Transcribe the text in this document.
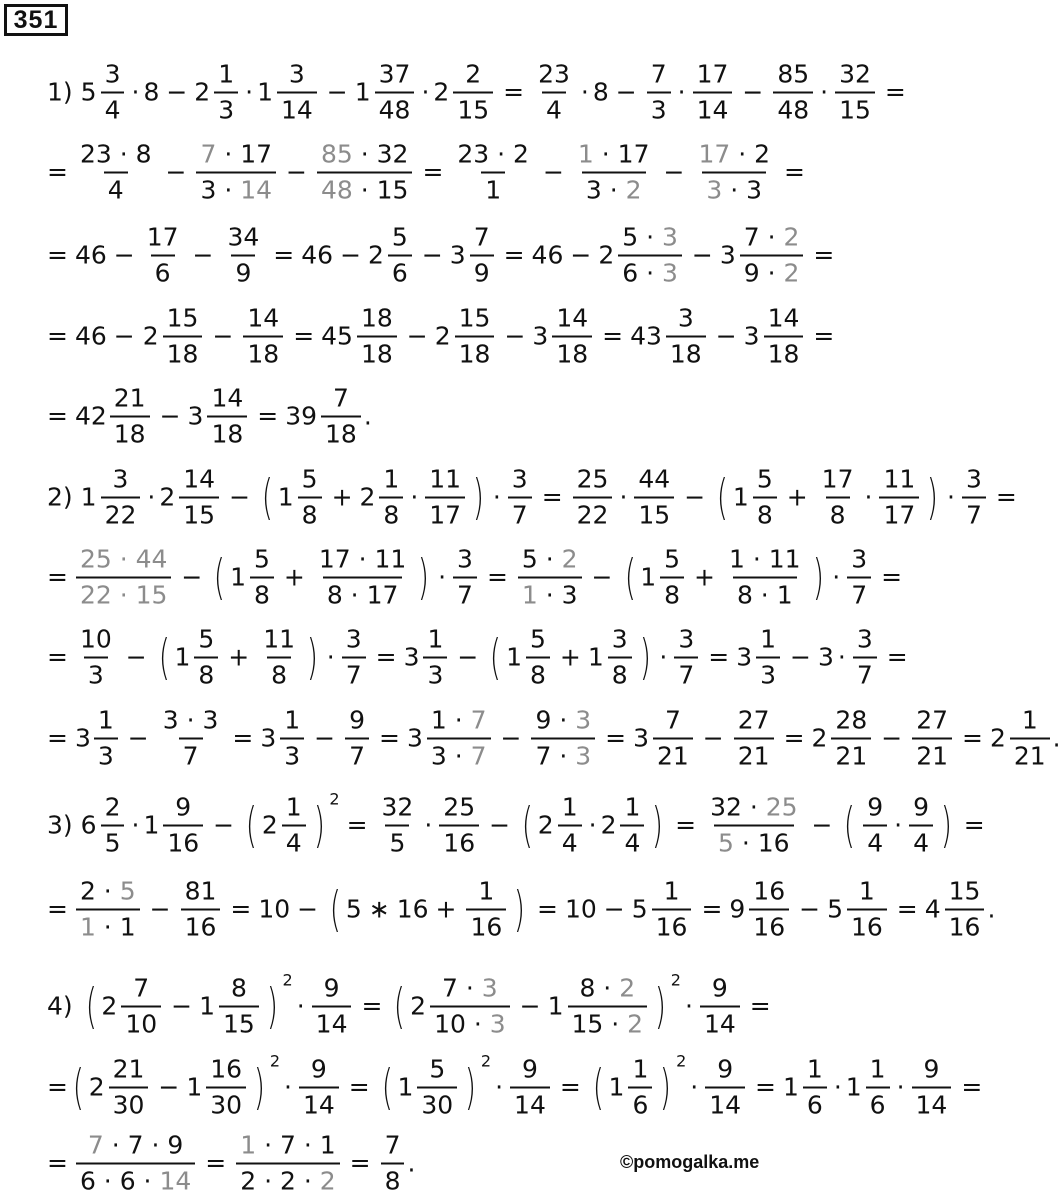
351
1) 5
3
4
· 8 − 2
1
3
· 1
3
14
− 1
37
48
· $2 \frac{2}{15} = \frac{23}{4} \cdot 8 - \frac{7}{3}$ ·
17
14
− $\frac{85}{48} \cdot \frac{32}{15}$ =
=
23 · 8
4
− $\frac{7 \cdot 17}{3 \cdot 14} - \frac{85 \cdot 32}{48 \cdot 15} = \frac{23 \cdot 2}{1} - \frac{1 \cdot 17}{3 \cdot 2} - \frac{17 \cdot 2}{3 \cdot 3}$ =
= 46 −
17
6
− $\frac{34}{9} = 46 - 2$
5
6
− $3 \frac{7}{9} = 46 - 2$
5 · 3
6 · 3
− $3 \frac{7 \cdot 2}{9 \cdot 2}$ =
= 46 − 2
15
18
− $\frac{14}{18} = 45$
18
18
− 2
15
18
− $3 \frac{14}{18} = 43$
3
18
− $3 \frac{14}{18}$ =
= 42
21
18
− $3 \frac{14}{18} = 39$
7
18
.
2) 1
3
22
· 2
14
15
− ( 1
5
8
+ 2
1
8
·
11
17 ) · $\frac{3}{7} = \frac{25}{22}$ ·
44
15
− ( 1
5
8
+ $\frac{17}{8}$ ·
11
17 ) · $\frac{3}{7}$ =
=
25 · 44
22 · 15
− ( 1
5
8
+ $\frac{17 \cdot 11}{8 \cdot 17}$ ) · $\frac{3}{7} = \frac{5 \cdot 2}{1 \cdot 3}$ − ( 1
5
8
+ $\frac{1 \cdot 11}{8 \cdot 1}$ ) · $\frac{3}{7}$ =
=
10
3
− ( 1
5
8
+ $\frac{11}{8}$ ) · $\frac{3}{7} = 3$
1
3
− ( 1
5
8
+ 1
3
8 ) · $\frac{3}{7} = 3$
1
3
− $3 \cdot \frac{3}{7}$ =
= 3
1
3
− $\frac{3 \cdot 3}{7} = 3$
1
3
− $\frac{9}{7} = 3$
1 · 7
3 · 7
− $\frac{9 \cdot 3}{7 \cdot 3} = 3$
7
21
− $\frac{27}{21} = 2$
28
21
− $\frac{27}{21} = 2$
1
21
.
3) 6
2
5
· 1
9
16
− ( 2
1
4 ) 2
= $\frac{32}{5}$ ·
25
16
− ( 2
1
4
· 2
1
4 ) = $\frac{32 \cdot 25}{5 \cdot 16}$ − ( 9
4
·
9
4 ) =
=
2 · 5
1 · 1
− $\frac{81}{16} = 10$ − ( 5 ∗ $16 + \frac{1}{16}$ ) = $10 - 5 \frac{1}{16} = 9$
16
16
− $5 \frac{1}{16} = 4$
15
16
.
4) ( 2
7
10
− 1
8
15 ) 2
· $\frac{9}{14}$ = ( 2
7 · 3
10 · 3
− 1
8 · 2
15 · 2 ) 2
· $\frac{9}{14}$ =
= ( 2
21
30
− 1
16
30 ) 2
· $\frac{9}{14}$ = ( 1
5
30 ) 2
· $\frac{9}{14}$ = ( 1
1
6 ) 2
· $\frac{9}{14} = 1$
1
6
· 1
1
6
· $\frac{9}{14}$ =
= $\frac{7 \cdot 7 \cdot 9}{6 \cdot 6 \cdot 14} = \frac{1 \cdot 7 \cdot 1}{2 \cdot 2 \cdot 2} = \frac{7}{8}$ .	©pomogalka.me
